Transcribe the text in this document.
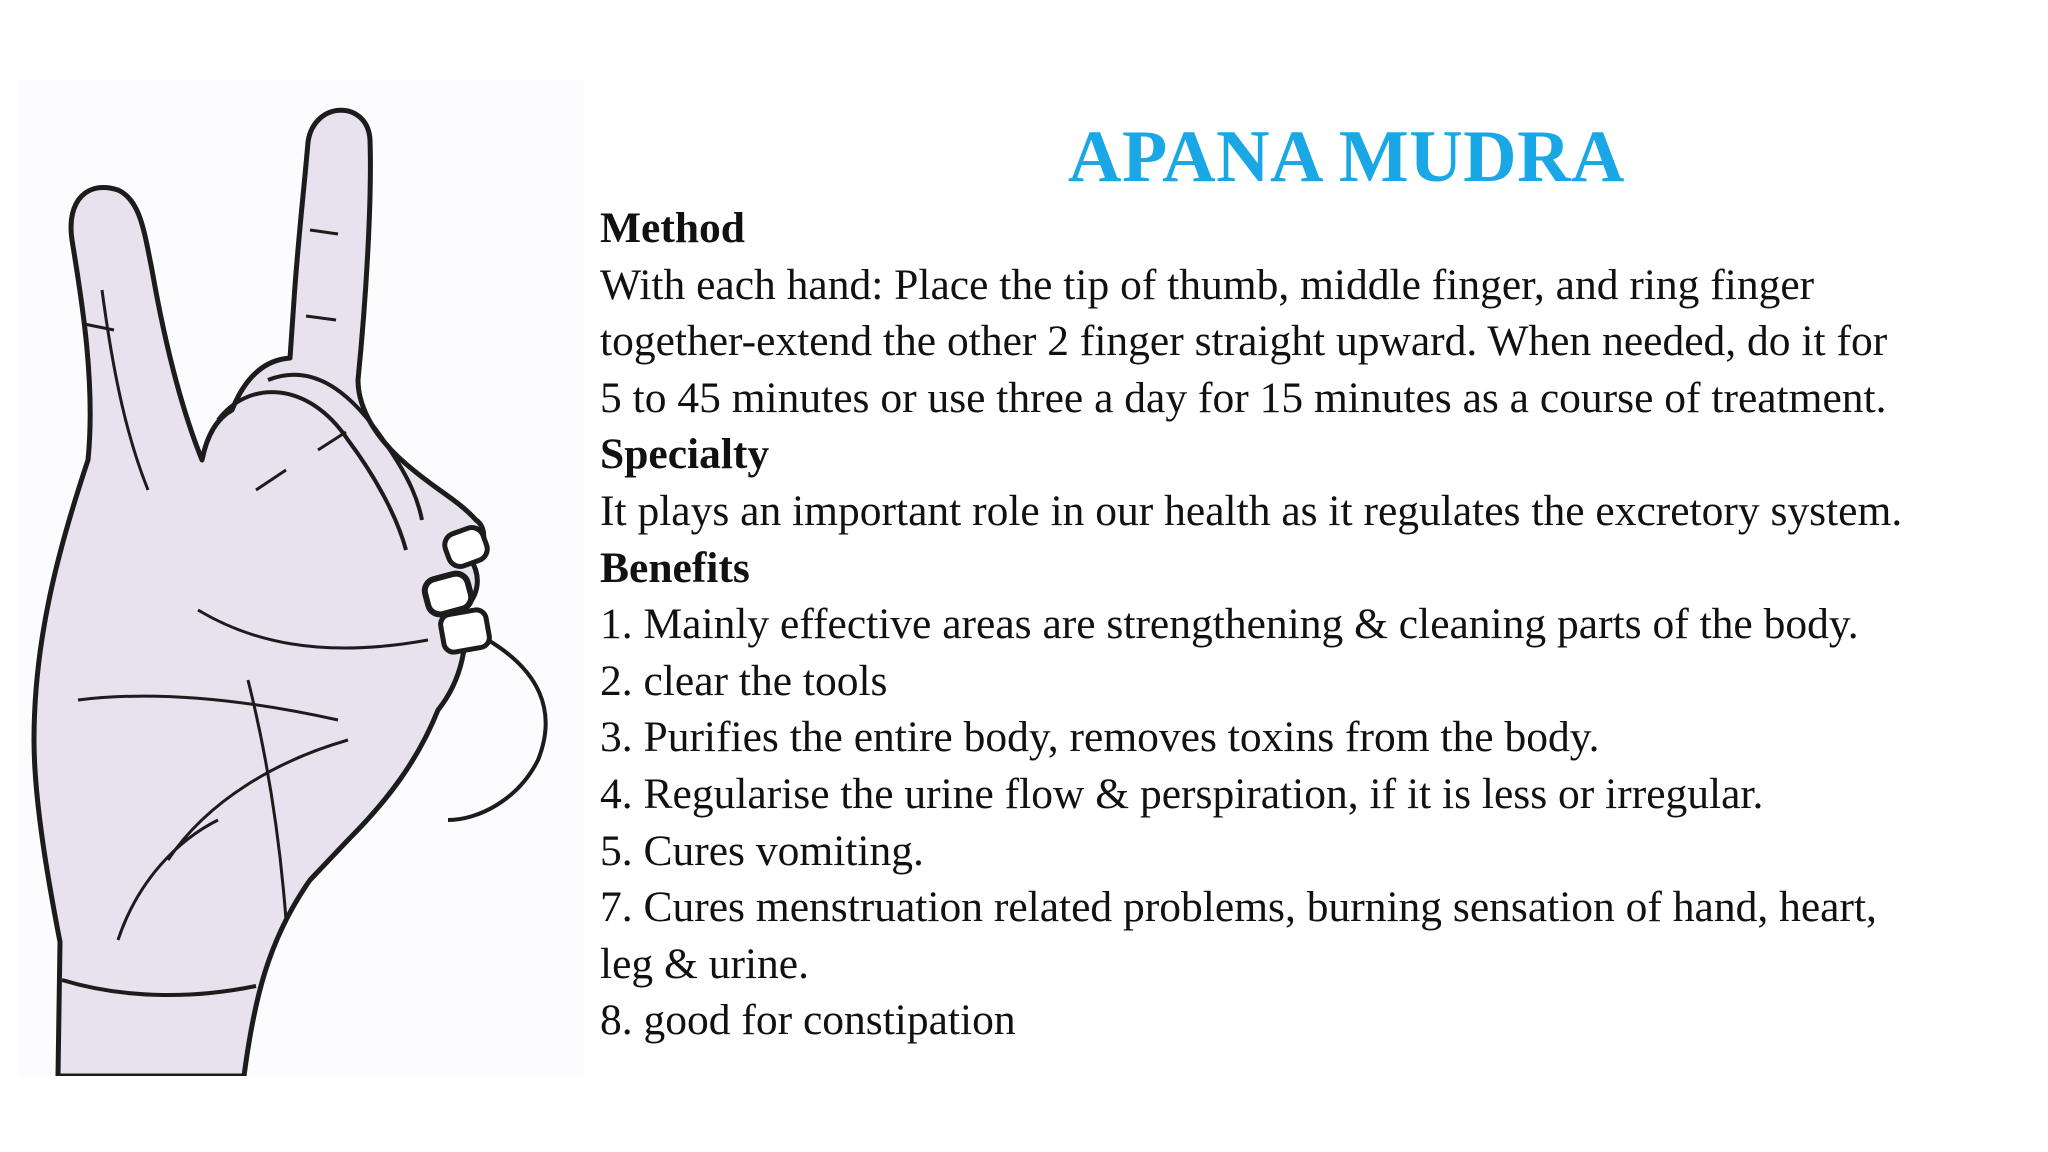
APANA MUDRA
Method
With each hand: Place the tip of thumb, middle finger, and ring finger
together-extend the other 2 finger straight upward. When needed, do it for
5 to 45 minutes or use three a day for 15 minutes as a course of treatment.
Specialty
It plays an important role in our health as it regulates the excretory system.
Benefits
1. Mainly effective areas are strengthening & cleaning parts of the body.
2. clear the tools
3. Purifies the entire body, removes toxins from the body.
4. Regularise the urine flow & perspiration, if it is less or irregular.
5. Cures vomiting.
7. Cures menstruation related problems, burning sensation of hand, heart,
leg & urine.
8. good for constipation
